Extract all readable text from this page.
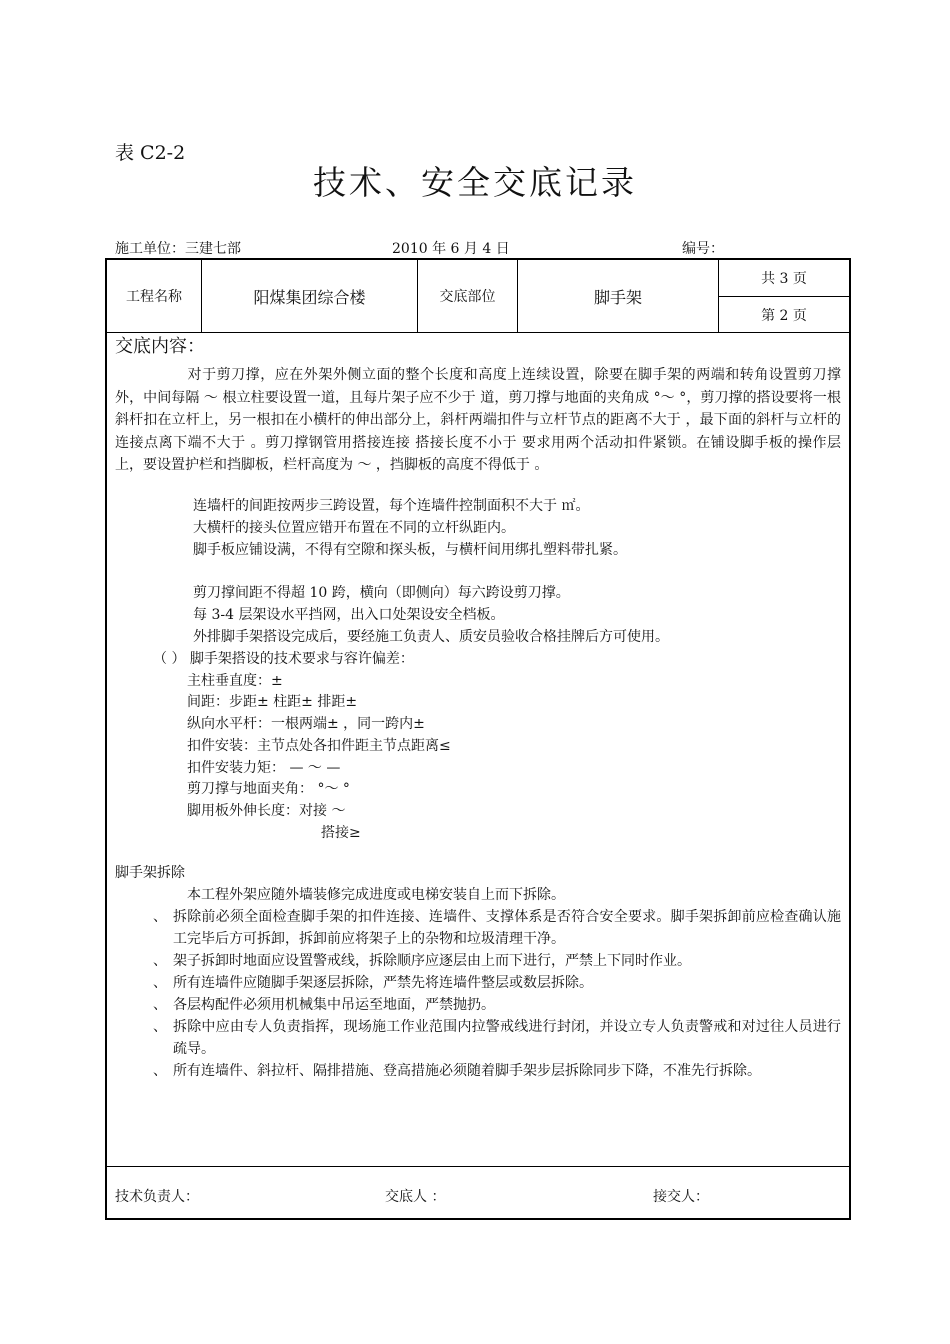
表 C2-2
技术、安全交底记录
施工单位：三建七部	2010 年 6 月 4 日	编号：
工程名称	阳煤集团综合楼	交底部位	脚手架
共 3 页
第 2 页
交底内容：
对于剪刀撑，应在外架外侧立面的整个长度和高度上连续设置，除要在脚手架的两端和转角设置剪刀撑外，中间每隔 ～ 根立柱要设置一道，且每片架子应不少于 道，剪刀撑与地面的夹角成 °～ °，剪刀撑的搭设要将一根斜杆扣在立杆上，另一根扣在小横杆的伸出部分上，斜杆两端扣件与立杆节点的距离不大于 ，最下面的斜杆与立杆的连接点离下端不大于 。剪刀撑钢管用搭接连接 搭接长度不小于 要求用两个活动扣件紧锁。在铺设脚手板的操作层上，要设置护栏和挡脚板，栏杆高度为 ～ ，挡脚板的高度不得低于 。
连墙杆的间距按两步三跨设置，每个连墙件控制面积不大于 ㎡。
大横杆的接头位置应错开布置在不同的立杆纵距内。
脚手板应铺设满，不得有空隙和探头板，与横杆间用绑扎塑料带扎紧。
剪刀撑间距不得超 10 跨，横向（即侧向）每六跨设剪刀撑。
每 3-4 层架设水平挡网，出入口处架设安全档板。
外排脚手架搭设完成后，要经施工负责人、质安员验收合格挂牌后方可使用。
（ ） 脚手架搭设的技术要求与容许偏差：
主柱垂直度：±
间距：步距± 柱距± 排距±
纵向水平杆：一根两端± ，同一跨内±
扣件安装：主节点处各扣件距主节点距离≤
扣件安装力矩： — ～ —
剪刀撑与地面夹角： °～ °
脚用板外伸长度：对接 ～
搭接≥
脚手架拆除
本工程外架应随外墙装修完成进度或电梯安装自上而下拆除。
、 拆除前必须全面检查脚手架的扣件连接、连墙件、支撑体系是否符合安全要求。脚手架拆卸前应检查确认施工完毕后方可拆卸，拆卸前应将架子上的杂物和垃圾清理干净。
、 架子拆卸时地面应设置警戒线，拆除顺序应逐层由上而下进行，严禁上下同时作业。
、 所有连墙件应随脚手架逐层拆除，严禁先将连墙件整层或数层拆除。
、 各层构配件必须用机械集中吊运至地面，严禁抛扔。
、 拆除中应由专人负责指挥，现场施工作业范围内拉警戒线进行封闭，并设立专人负责警戒和对过往人员进行疏导。
、 所有连墙件、斜拉杆、隔排措施、登高措施必须随着脚手架步层拆除同步下降，不准先行拆除。
技术负责人：	交底人 ：	接交人：
